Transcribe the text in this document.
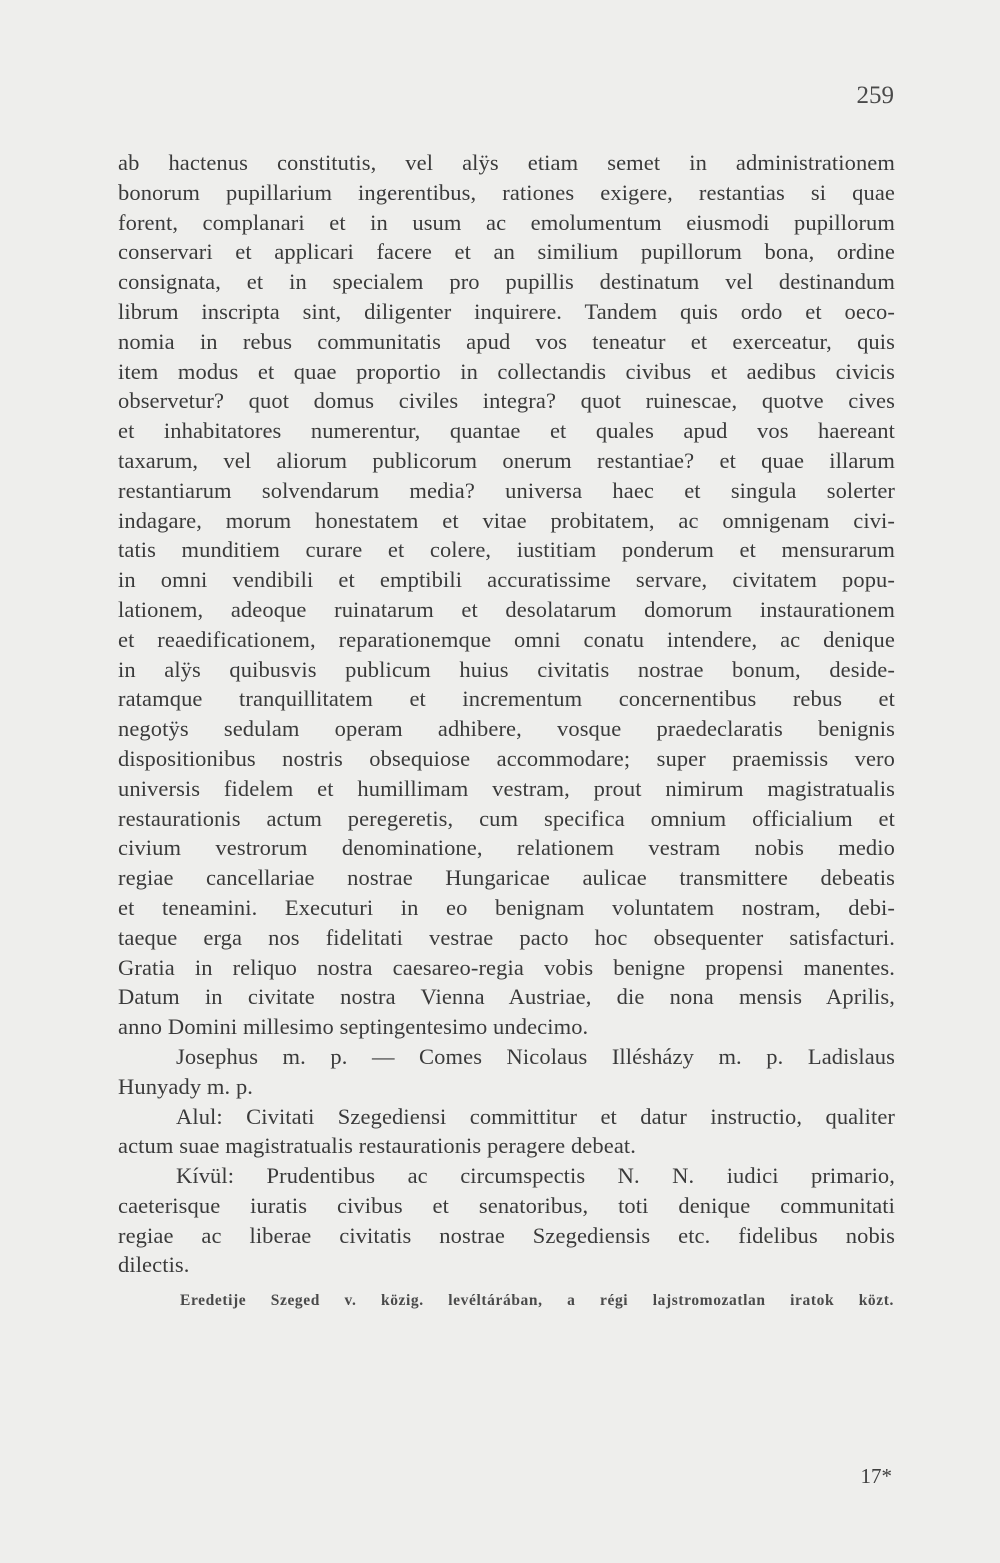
259
ab hactenus constitutis, vel alÿs etiam semet in administrationem
bonorum pupillarium ingerentibus, rationes exigere, restantias si quae
forent, complanari et in usum ac emolumentum eiusmodi pupillorum
conservari et applicari facere et an similium pupillorum bona, ordine
consignata, et in specialem pro pupillis destinatum vel destinandum
librum inscripta sint, diligenter inquirere. Tandem quis ordo et oeco-
nomia in rebus communitatis apud vos teneatur et exerceatur, quis
item modus et quae proportio in collectandis civibus et aedibus civicis
observetur? quot domus civiles integra? quot ruinescae, quotve cives
et inhabitatores numerentur, quantae et quales apud vos haereant
taxarum, vel aliorum publicorum onerum restantiae? et quae illarum
restantiarum solvendarum media? universa haec et singula solerter
indagare, morum honestatem et vitae probitatem, ac omnigenam civi-
tatis munditiem curare et colere, iustitiam ponderum et mensurarum
in omni vendibili et emptibili accuratissime servare, civitatem popu-
lationem, adeoque ruinatarum et desolatarum domorum instaurationem
et reaedificationem, reparationemque omni conatu intendere, ac denique
in alÿs quibusvis publicum huius civitatis nostrae bonum, deside-
ratamque tranquillitatem et incrementum concernentibus rebus et
negotÿs sedulam operam adhibere, vosque praedeclaratis benignis
dispositionibus nostris obsequiose accommodare; super praemissis vero
universis fidelem et humillimam vestram, prout nimirum magistratualis
restaurationis actum peregeretis, cum specifica omnium officialium et
civium vestrorum denominatione, relationem vestram nobis medio
regiae cancellariae nostrae Hungaricae aulicae transmittere debeatis
et teneamini. Executuri in eo benignam voluntatem nostram, debi-
taeque erga nos fidelitati vestrae pacto hoc obsequenter satisfacturi.
Gratia in reliquo nostra caesareo-regia vobis benigne propensi manentes.
Datum in civitate nostra Vienna Austriae, die nona mensis Aprilis,
anno Domini millesimo septingentesimo undecimo.
Josephus m. p. — Comes Nicolaus Illésházy m. p. Ladislaus
Hunyady m. p.
Alul: Civitati Szegediensi committitur et datur instructio, qualiter
actum suae magistratualis restaurationis peragere debeat.
Kívül: Prudentibus ac circumspectis N. N. iudici primario,
caeterisque iuratis civibus et senatoribus, toti denique communitati
regiae ac liberae civitatis nostrae Szegediensis etc. fidelibus nobis
dilectis.
Eredetije Szeged v. közig. levéltárában, a régi lajstromozatlan iratok közt.
17*
